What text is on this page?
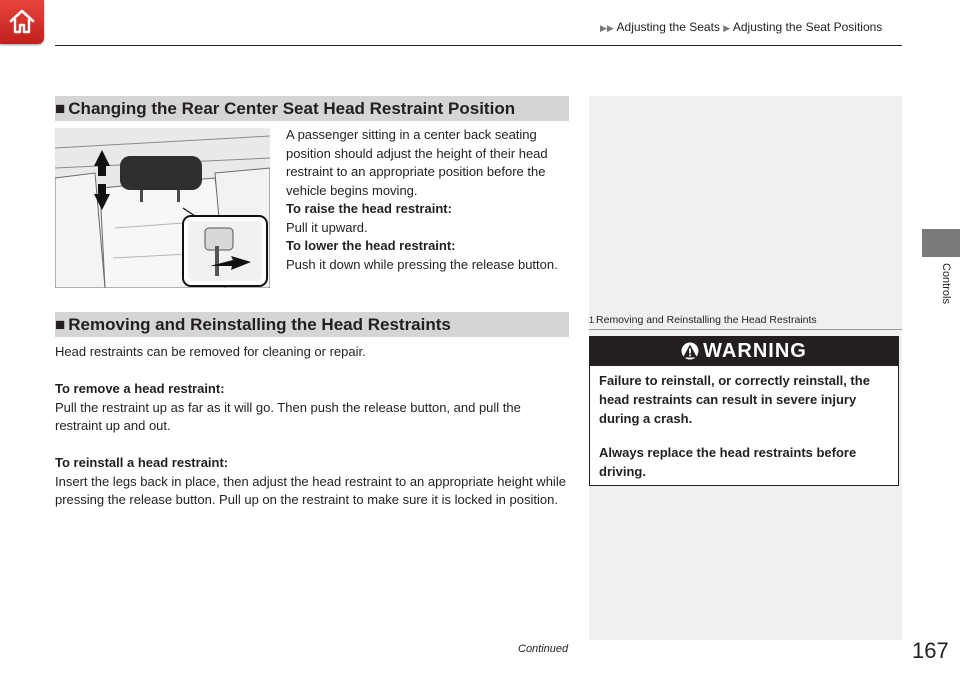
▶▶ Adjusting the Seats ▶ Adjusting the Seat Positions
Controls
■ Changing the Rear Center Seat Head Restraint Position
A passenger sitting in a center back seating position should adjust the height of their head restraint to an appropriate position before the vehicle begins moving.
To raise the head restraint:
Pull it upward.
To lower the head restraint:
Push it down while pressing the release button.
■ Removing and Reinstalling the Head Restraints
Head restraints can be removed for cleaning or repair.
To remove a head restraint:
Pull the restraint up as far as it will go. Then push the release button, and pull the restraint up and out.
To reinstall a head restraint:
Insert the legs back in place, then adjust the head restraint to an appropriate height while pressing the release button. Pull up on the restraint to make sure it is locked in position.
1 Removing and Reinstalling the Head Restraints
WARNING

Failure to reinstall, or correctly reinstall, the head restraints can result in severe injury during a crash.

Always replace the head restraints before driving.

Continued	167
